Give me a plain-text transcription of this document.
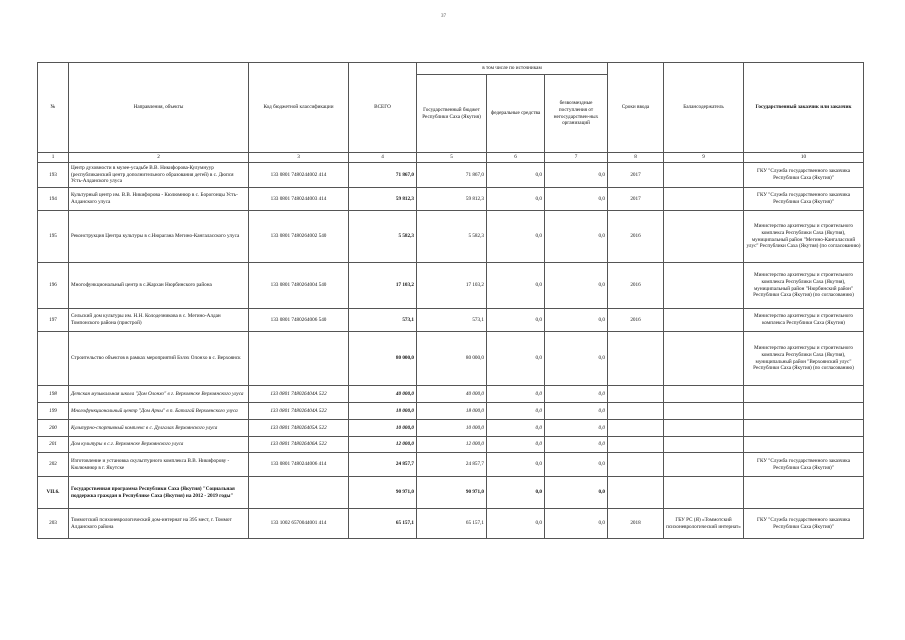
37
№	Направления, объекты	Код бюджетной классификации	ВСЕГО	в том числе по источникам			Сроки ввода	Балансодержатель	Государственный заказчик или заказчик
				Государственный бюджет Республики Саха (Якутия)	федеральные средства	безвозмездные поступления от негосударствен-ных организаций			
1	2	3	4	5	6	7	8	9	10
193	Центр духовности в музее-усадьбе В.В. Никифорова-Кулумнуур (республиканский центр дополнительного образования детей) в с. Дюпся Усть-Алданского улуса	133 0801 7480244002 414	71 867,0	71 867,0	0,0	0,0	2017		ГКУ "Служба государственного заказчика Республики Саха (Якутия)"
194	Культурный центр им. В.В. Никифорова - Кюлюмнюр в с. Борогонцы Усть-Алданского улуса	133 0801 7480244003 414	59 812,3	59 812,3	0,0	0,0	2017		ГКУ "Служба государственного заказчика Республики Саха (Якутия)"
195	Реконструкция Центра культуры в с.Нюрагана Мегино-Кангаласского улуса	133 0801 7480264002 540	5 582,3	5 582,3	0,0	0,0	2016		Министерство архитектуры и строительного комплекса Республики Саха (Якутия), муниципальный район "Мегино-Кангаласский улус" Республики Саха (Якутия) (по согласованию)
196	Многофункциональный центр в с.Жархан Нюрбинского района	133 0801 7480264004 540	17 103,2	17 103,2	0,0	0,0	2016		Министерство архитектуры и строительного комплекса Республики Саха (Якутия), муниципальный район "Нюрбинский район" Республики Саха (Якутия) (по согласованию)
197	Сельский дом культуры им. Н.Н. Колодезникова в с. Мегино-Алдан Томпонского района (пристрой)	133 0801 7480264006 540	573,1	573,1	0,0	0,0	2016		Министерство архитектуры и строительного комплекса Республики Саха (Якутия)
	Строительство объектов в рамках мероприятий Бэлэх Олонхо в с. Верхоянск		80 000,0	80 000,0	0,0	0,0			Министерство архитектуры и строительного комплекса Республики Саха (Якутия), муниципальный район "Верхоянский улус" Республики Саха (Якутия) (по согласованию)
198	Детская музыкальная школа "Дом Олонхо" в г. Верхоянске Верхоянского улуса	133 0801 748026404А 522	40 000,0	40 000,0	0,0	0,0			
199	Многофункциональный центр "Дом Арчы" в п. Батагай Верхоянского улуса	133 0801 748026404А 522	18 000,0	18 000,0	0,0	0,0			
200	Культурно-спортивный комплекс в с. Дулгалах Верхоянского улуса	133 0801 748026405А 522	10 000,0	10 000,0	0,0	0,0			
201	Дом культуры в с.г. Верхоянске Верхоянского улуса	133 0801 748026406А 522	12 000,0	12 000,0	0,0	0,0			
202	Изготовление и установка скульптурного комплекса В.В. Никифорову - Кюлюмнюр в г. Якутске	133 0801 7480244006 414	24 857,7	24 857,7	0,0	0,0			ГКУ "Служба государственного заказчика Республики Саха (Якутия)"
VII.6.	Государственная программа Республики Саха (Якутия) "Социальная поддержка граждан в Республике Саха (Якутия) на 2012 - 2019 годы"		90 971,0	90 971,0	0,0	0,0			
203	Томмотский психоневрологический дом-интернат на 395 мест, г. Томмот Алданского района	133 1002 6570044001 414	65 157,1	65 157,1	0,0	0,0	2018	ГБУ РС (Я) «Томмотский психоневрологический интернат»	ГКУ "Служба государственного заказчика Республики Саха (Якутия)"
